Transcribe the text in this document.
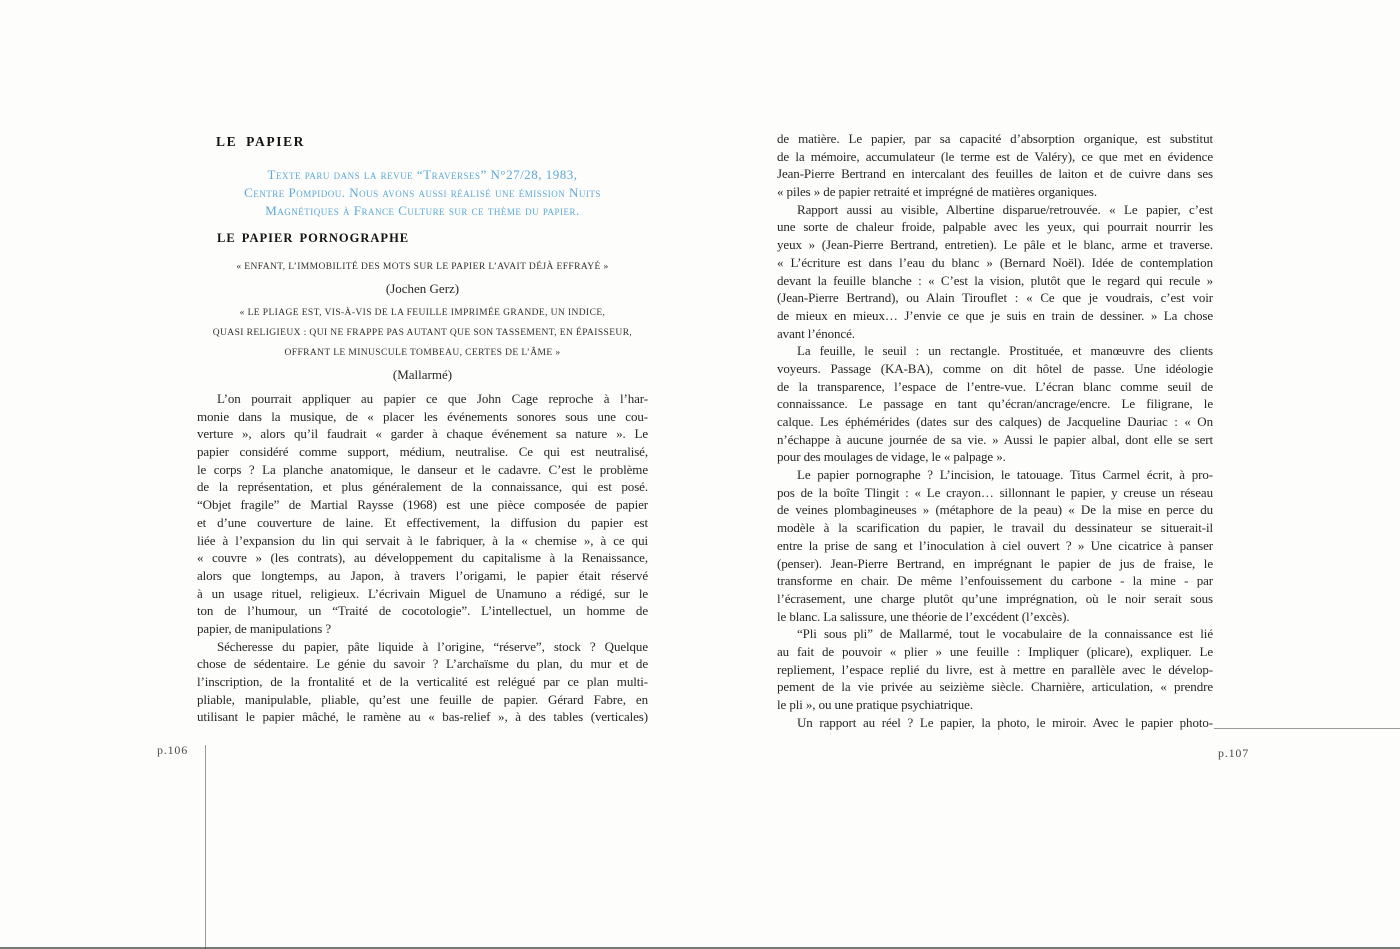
LE PAPIER
Texte paru dans la revue “Traverses” N°27/28, 1983,
Centre Pompidou. Nous avons aussi réalisé une émission Nuits
Magnétiques à France Culture sur ce thème du papier.
LE PAPIER PORNOGRAPHE
« ENFANT, L’IMMOBILITÉ DES MOTS SUR LE PAPIER L’AVAIT DÉJÀ EFFRAYÉ »
(Jochen Gerz)
« LE PLIAGE EST, VIS-À-VIS DE LA FEUILLE IMPRIMÉE GRANDE, UN INDICE,
QUASI RELIGIEUX : QUI NE FRAPPE PAS AUTANT QUE SON TASSEMENT, EN ÉPAISSEUR,
OFFRANT LE MINUSCULE TOMBEAU, CERTES DE L’ÂME »
(Mallarmé)
L’on pourrait appliquer au papier ce que John Cage reproche à l’har-
monie dans la musique, de « placer les événements sonores sous une cou-
verture », alors qu’il faudrait « garder à chaque événement sa nature ». Le
papier considéré comme support, médium, neutralise. Ce qui est neutralisé,
le corps ? La planche anatomique, le danseur et le cadavre. C’est le problème
de la représentation, et plus généralement de la connaissance, qui est posé.
“Objet fragile” de Martial Raysse (1968) est une pièce composée de papier
et d’une couverture de laine. Et effectivement, la diffusion du papier est
liée à l’expansion du lin qui servait à le fabriquer, à la « chemise », à ce qui
« couvre » (les contrats), au développement du capitalisme à la Renaissance,
alors que longtemps, au Japon, à travers l’origami, le papier était réservé
à un usage rituel, religieux. L’écrivain Miguel de Unamuno a rédigé, sur le
ton de l’humour, un “Traité de cocotologie”. L’intellectuel, un homme de
papier, de manipulations ?
Sécheresse du papier, pâte liquide à l’origine, “réserve”, stock ? Quelque
chose de sédentaire. Le génie du savoir ? L’archaïsme du plan, du mur et de
l’inscription, de la frontalité et de la verticalité est relégué par ce plan multi-
pliable, manipulable, pliable, qu’est une feuille de papier. Gérard Fabre, en
utilisant le papier mâché, le ramène au « bas-relief », à des tables (verticales)
p.106
de matière. Le papier, par sa capacité d’absorption organique, est substitut
de la mémoire, accumulateur (le terme est de Valéry), ce que met en évidence
Jean-Pierre Bertrand en intercalant des feuilles de laiton et de cuivre dans ses
« piles » de papier retraité et imprégné de matières organiques.
Rapport aussi au visible, Albertine disparue/retrouvée. « Le papier, c’est
une sorte de chaleur froide, palpable avec les yeux, qui pourrait nourrir les
yeux » (Jean-Pierre Bertrand, entretien). Le pâle et le blanc, arme et traverse.
« L’écriture est dans l’eau du blanc » (Bernard Noël). Idée de contemplation
devant la feuille blanche : « C’est la vision, plutôt que le regard qui recule »
(Jean-Pierre Bertrand), ou Alain Tirouflet : « Ce que je voudrais, c’est voir
de mieux en mieux… J’envie ce que je suis en train de dessiner. » La chose
avant l’énoncé.
La feuille, le seuil : un rectangle. Prostituée, et manœuvre des clients
voyeurs. Passage (KA-BA), comme on dit hôtel de passe. Une idéologie
de la transparence, l’espace de l’entre-vue. L’écran blanc comme seuil de
connaissance. Le passage en tant qu’écran/ancrage/encre. Le filigrane, le
calque. Les éphémérides (dates sur des calques) de Jacqueline Dauriac : « On
n’échappe à aucune journée de sa vie. » Aussi le papier albal, dont elle se sert
pour des moulages de vidage, le « palpage ».
Le papier pornographe ? L’incision, le tatouage. Titus Carmel écrit, à pro-
pos de la boîte Tlingit : « Le crayon… sillonnant le papier, y creuse un réseau
de veines plombagineuses » (métaphore de la peau) « De la mise en perce du
modèle à la scarification du papier, le travail du dessinateur se situerait-il
entre la prise de sang et l’inoculation à ciel ouvert ? » Une cicatrice à panser
(penser). Jean-Pierre Bertrand, en imprégnant le papier de jus de fraise, le
transforme en chair. De même l’enfouissement du carbone - la mine - par
l’écrasement, une charge plutôt qu’une imprégnation, où le noir serait sous
le blanc. La salissure, une théorie de l’excédent (l’excès).
“Pli sous pli” de Mallarmé, tout le vocabulaire de la connaissance est lié
au fait de pouvoir « plier » une feuille : Impliquer (plicare), expliquer. Le
repliement, l’espace replié du livre, est à mettre en parallèle avec le dévelop-
pement de la vie privée au seizième siècle. Charnière, articulation, « prendre
le pli », ou une pratique psychiatrique.
Un rapport au réel ? Le papier, la photo, le miroir. Avec le papier photo-
p.107
